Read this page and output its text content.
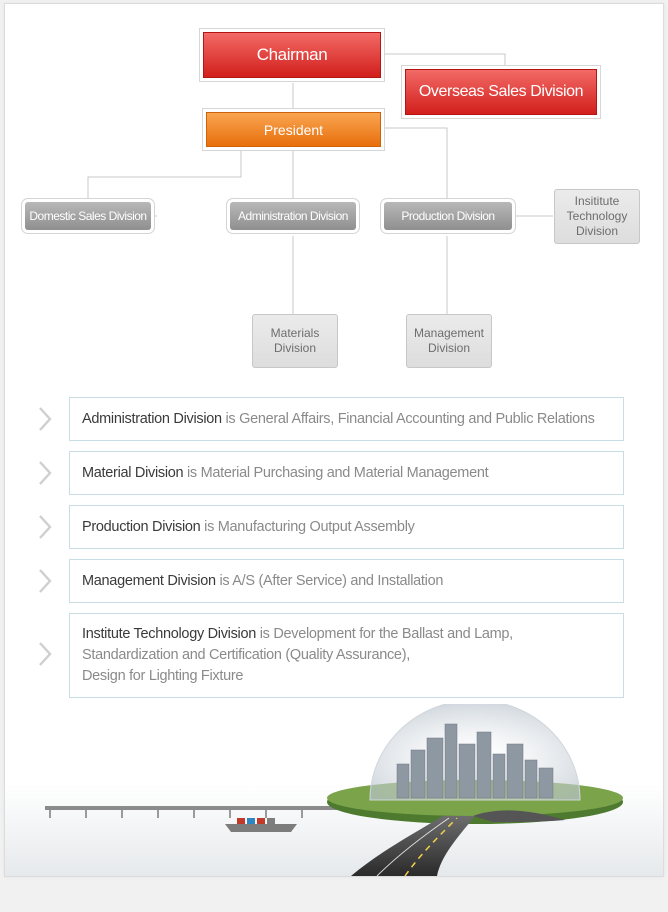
Chairman
Overseas Sales Division
President
Domestic Sales Division	Administration Division	Production Division
Insititute
Technology
Division
Materials
Division
Management
Division
Administration Division is General Affairs, Financial Accounting and Public Relations
Material Division is Material Purchasing and Material Management
Production Division is Manufacturing Output Assembly
Management Division is A/S (After Service) and Installation
Institute Technology Division is Development for the Ballast and Lamp,
Standardization and Certification (Quality Assurance),
Design for Lighting Fixture
